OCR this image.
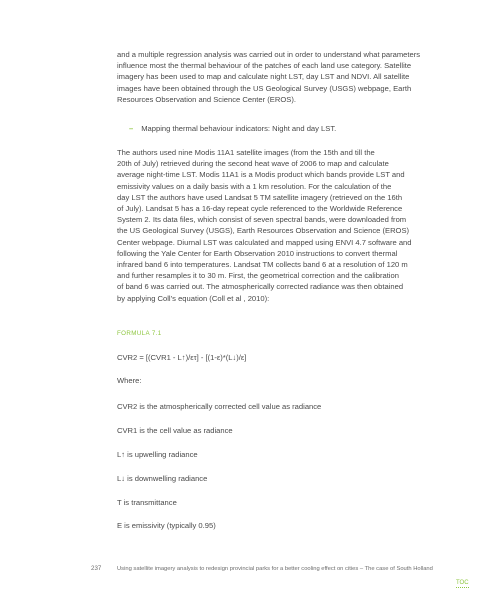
and a multiple regression analysis was carried out in order to understand what parameters
influence most the thermal behaviour of the patches of each land use category. Satellite
imagery has been used to map and calculate night LST, day LST and NDVI. All satellite
images have been obtained through the US Geological Survey (USGS) webpage, Earth
Resources Observation and Science Center (EROS).
– Mapping thermal behaviour indicators: Night and day LST.
The authors used nine Modis 11A1 satellite images (from the 15th and till the
20th of July) retrieved during the second heat wave of 2006 to map and calculate
average night-time LST. Modis 11A1 is a Modis product which bands provide LST and
emissivity values on a daily basis with a 1 km resolution. For the calculation of the
day LST the authors have used Landsat 5 TM satellite imagery (retrieved on the 16th
of July). Landsat 5 has a 16-day repeat cycle referenced to the Worldwide Reference
System 2. Its data files, which consist of seven spectral bands, were downloaded from
the US Geological Survey (USGS), Earth Resources Observation and Science (EROS)
Center webpage. Diurnal LST was calculated and mapped using ENVI 4.7 software and
following the Yale Center for Earth Observation 2010 instructions to convert thermal
infrared band 6 into temperatures. Landsat TM collects band 6 at a resolution of 120 m
and further resamples it to 30 m. First, the geometrical correction and the calibration
of band 6 was carried out. The atmospherically corrected radiance was then obtained
by applying Coll’s equation (Coll et al , 2010):
FORMULA 7.1
CVR2 = [(CVR1 - L↑)/ετ] - [(1-ε)*(L↓)/ε]
Where:
CVR2 is the atmospherically corrected cell value as radiance
CVR1 is the cell value as radiance
L↑ is upwelling radiance
L↓ is downwelling radiance
T is transmittance
E is emissivity (typically 0.95)
237	Using satellite imagery analysis to redesign provincial parks for a better cooling effect on cities – The case of South Holland
TOC
